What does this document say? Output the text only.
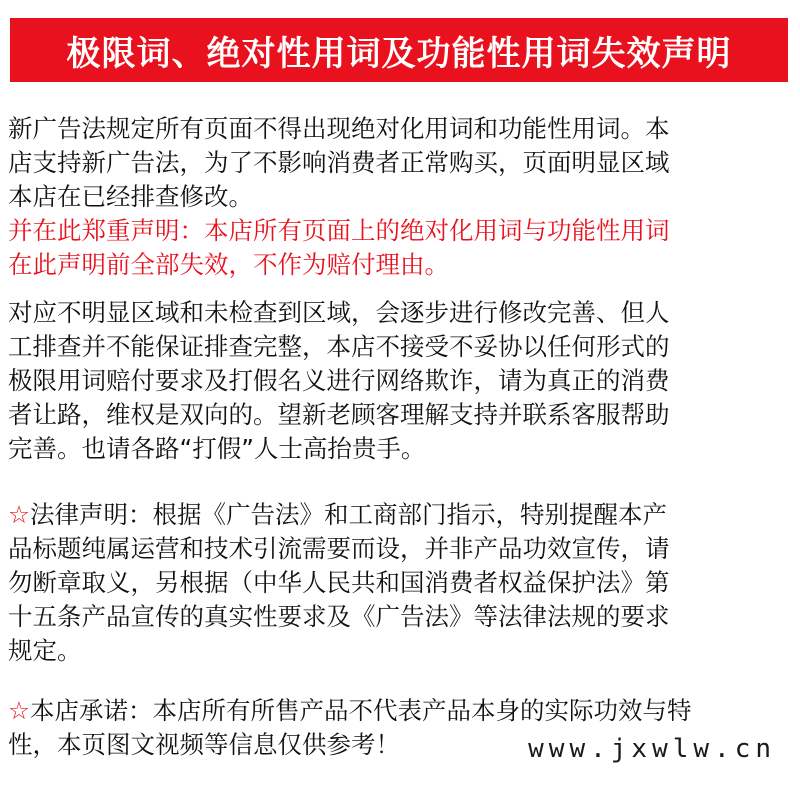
极限词、绝对性用词及功能性用词失效声明

新广告法规定所有页面不得出现绝对化用词和功能性用词。本

店支持新广告法，为了不影响消费者正常购买，页面明显区域

本店在已经排查修改。

并在此郑重声明：本店所有页面上的绝对化用词与功能性用词

在此声明前全部失效，不作为赔付理由。

对应不明显区域和未检查到区域，会逐步进行修改完善、但人

工排查并不能保证排查完整，本店不接受不妥协以任何形式的

极限用词赔付要求及打假名义进行网络欺诈，请为真正的消费

者让路，维权是双向的。望新老顾客理解支持并联系客服帮助

完善。也请各路“打假”人士高抬贵手。

☆法律声明：根据《广告法》和工商部门指示，特别提醒本产

品标题纯属运营和技术引流需要而设，并非产品功效宣传，请

勿断章取义，另根据（中华人民共和国消费者权益保护法》第

十五条产品宣传的真实性要求及《广告法》等法律法规的要求

规定。

☆本店承诺：本店所有所售产品不代表产品本身的实际功效与特

性，本页图文视频等信息仅供参考！	www.jxwlw.cn
